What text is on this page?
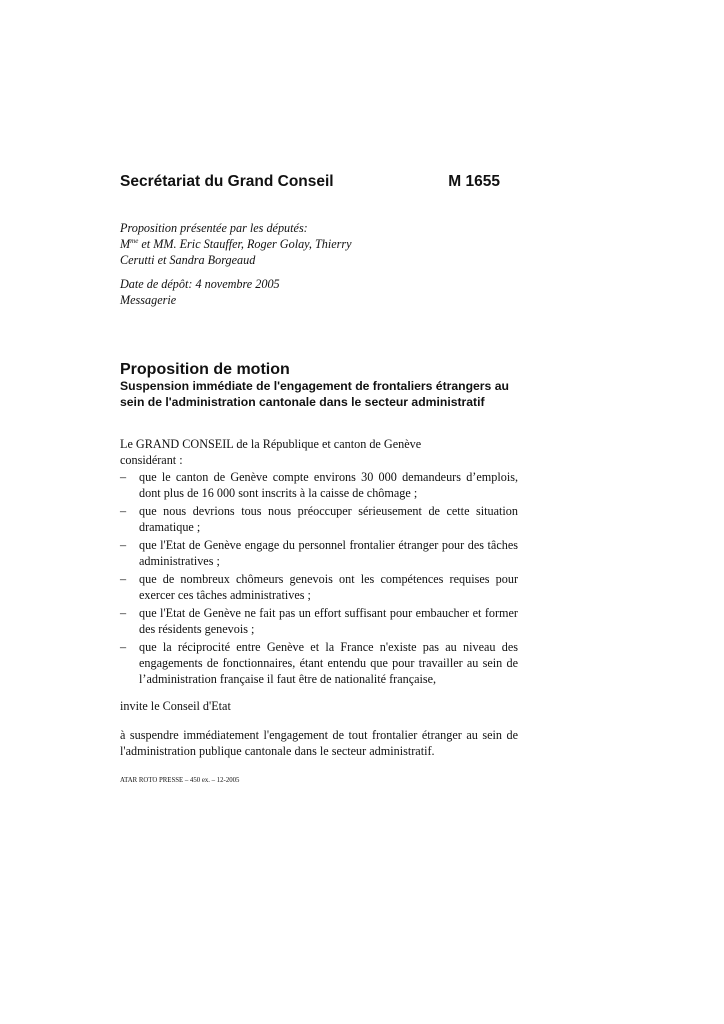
Secrétariat du Grand Conseil	M 1655
Proposition présentée par les députés:
$M^{me}$ et MM. Eric Stauffer, Roger Golay, Thierry
Cerutti et Sandra Borgeaud
Date de dépôt: 4 novembre 2005
Messagerie
Proposition de motion
Suspension immédiate de l'engagement de frontaliers étrangers au sein de l'administration cantonale dans le secteur administratif
Le GRAND CONSEIL de la République et canton de Genève
considérant :
– que le canton de Genève compte environs 30 000 demandeurs d’emplois, dont plus de 16 000 sont inscrits à la caisse de chômage ;
– que nous devrions tous nous préoccuper sérieusement de cette situation dramatique ;
– que l'Etat de Genève engage du personnel frontalier étranger pour des tâches administratives ;
– que de nombreux chômeurs genevois ont les compétences requises pour exercer ces tâches administratives ;
– que l'Etat de Genève ne fait pas un effort suffisant pour embaucher et former des résidents genevois ;
– que la réciprocité entre Genève et la France n'existe pas au niveau des engagements de fonctionnaires, étant entendu que pour travailler au sein de l’administration française il faut être de nationalité française,
invite le Conseil d'Etat
à suspendre immédiatement l'engagement de tout frontalier étranger au sein de l'administration publique cantonale dans le secteur administratif.
ATAR ROTO PRESSE – 450 ex. – 12-2005
